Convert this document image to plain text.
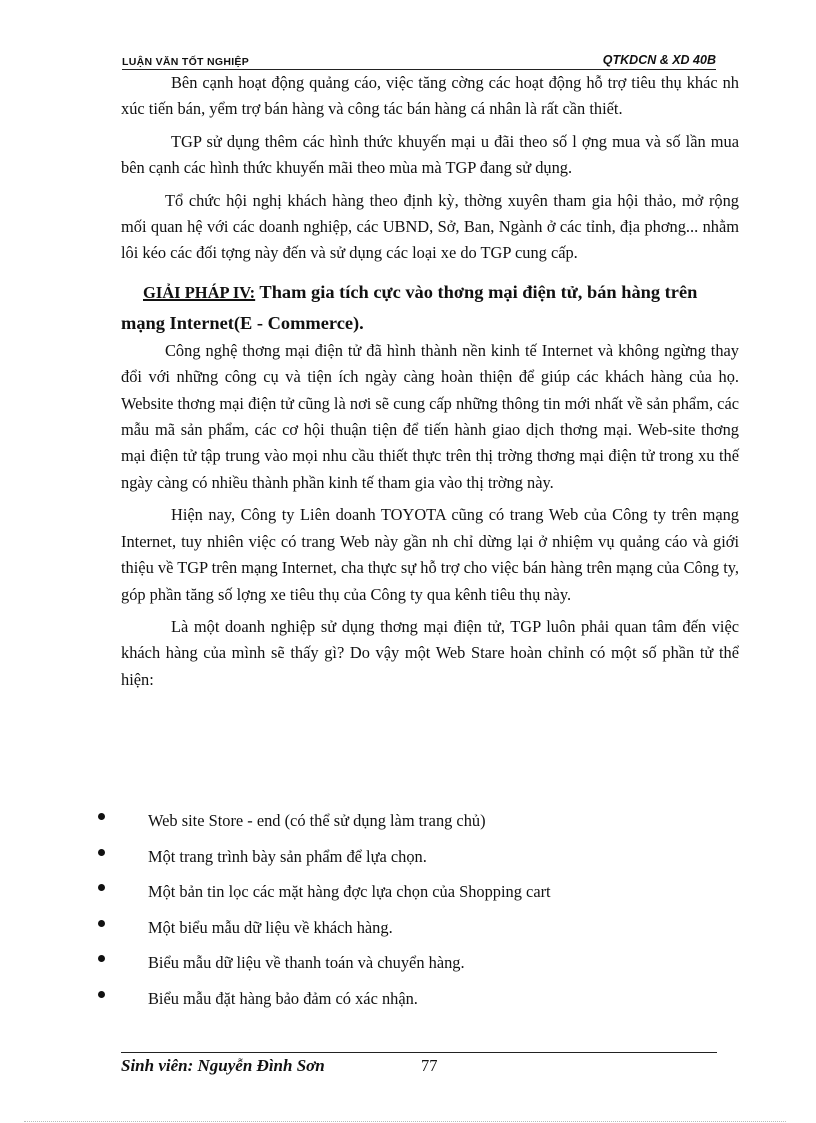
LUẬN VĂN TỐT NGHIỆP	QTKDCN & XD 40B

Bên cạnh hoạt động quảng cáo, việc tăng cờng các hoạt động hỗ trợ tiêu thụ khác nh xúc tiến bán, yểm trợ bán hàng và công tác bán hàng cá nhân là rất cần thiết.

TGP sử dụng thêm các hình thức khuyến mại u đãi theo số l ợng mua và số lần mua bên cạnh các hình thức khuyến mãi theo mùa mà TGP đang sử dụng.

Tổ chức hội nghị khách hàng theo định kỳ, thờng xuyên tham gia hội thảo, mở rộng mối quan hệ với các doanh nghiệp, các UBND, Sở, Ban, Ngành ở các tỉnh, địa phơng... nhằm lôi kéo các đối tợng này đến và sử dụng các loại xe do TGP cung cấp.

GIẢI PHÁP IV: Tham gia tích cực vào thơng mại điện tử, bán hàng trên mạng Internet(E - Commerce).

Công nghệ thơng mại điện tử đã hình thành nền kinh tế Internet và không ngừng thay đổi với những công cụ và tiện ích ngày càng hoàn thiện để giúp các khách hàng của họ. Website thơng mại điện tử cũng là nơi sẽ cung cấp những thông tin mới nhất về sản phẩm, các mẫu mã sản phẩm, các cơ hội thuận tiện để tiến hành giao dịch thơng mại. Web-site thơng mại điện tử tập trung vào mọi nhu cầu thiết thực trên thị trờng thơng mại điện tử trong xu thế ngày càng có nhiều thành phần kinh tế tham gia vào thị trờng này.

Hiện nay, Công ty Liên doanh TOYOTA cũng có trang Web của Công ty trên mạng Internet, tuy nhiên việc có trang Web này gần nh chỉ dừng lại ở nhiệm vụ quảng cáo và giới thiệu về TGP trên mạng Internet, cha thực sự hỗ trợ cho việc bán hàng trên mạng của Công ty, góp phần tăng số lợng xe tiêu thụ của Công ty qua kênh tiêu thụ này.

Là một doanh nghiệp sử dụng thơng mại điện tử, TGP luôn phải quan tâm đến việc khách hàng của mình sẽ thấy gì? Do vậy một Web Stare hoàn chỉnh có một số phần tử thể hiện:

Web site Store - end (có thể sử dụng làm trang chủ)
Một trang trình bày sản phẩm để lựa chọn.
Một bản tin lọc các mặt hàng đợc lựa chọn của Shopping cart
Một biểu mẫu dữ liệu về khách hàng.
Biểu mẫu dữ liệu về thanh toán và chuyển hàng.
Biểu mẫu đặt hàng bảo đảm có xác nhận.
Sinh viên: Nguyễn Đình Sơn	77
